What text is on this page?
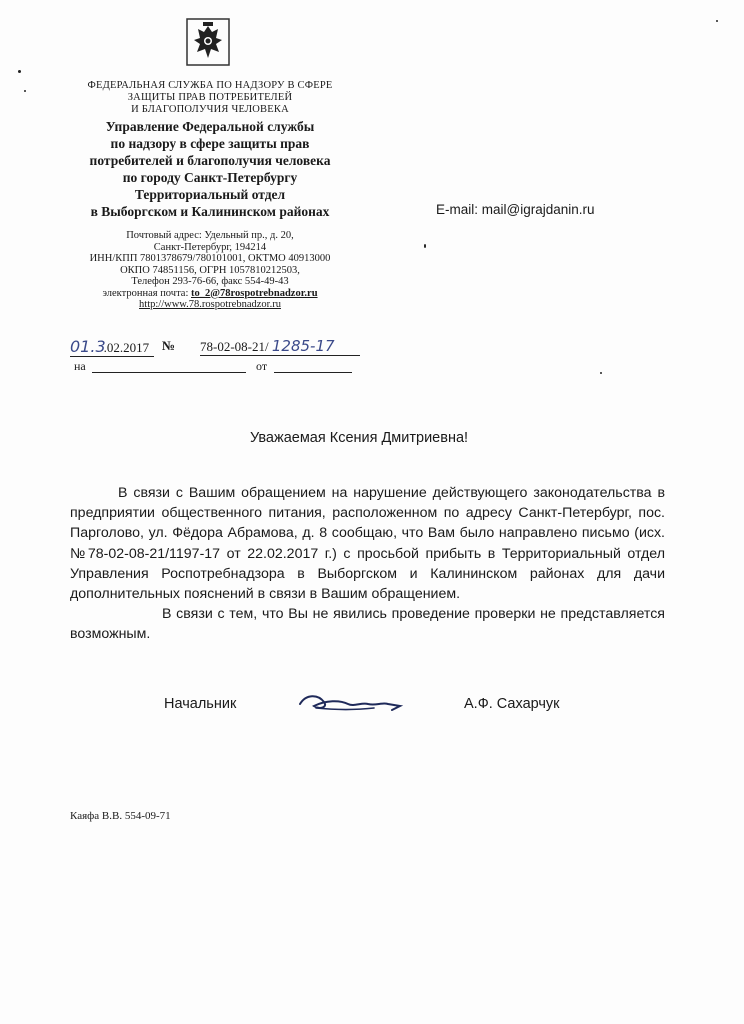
ФЕДЕРАЛЬНАЯ СЛУЖБА ПО НАДЗОРУ В СФЕРЕ
ЗАЩИТЫ ПРАВ ПОТРЕБИТЕЛЕЙ
И БЛАГОПОЛУЧИЯ ЧЕЛОВЕКА
Управление Федеральной службы
по надзору в сфере защиты прав
потребителей и благополучия человека
по городу Санкт-Петербургу
Территориальный отдел
в Выборгском и Калининском районах
Почтовый адрес: Удельный пр., д. 20,
Санкт-Петербург, 194214
ИНН/КПП 7801378679/780101001, ОКТМО 40913000
ОКПО 74851156, ОГРН 1057810212503,
Телефон 293-76-66, факс 554-49-43
электронная почта: to_2@78rospotrebnadzor.ru
http://www.78.rospotrebnadzor.ru
E-mail: mail@igrajdanin.ru
01.3.02.2017 № 78-02-08-21/ 1285-17
на	от
Уважаемая Ксения Дмитриевна!

В связи с Вашим обращением на нарушение действующего законодательства в предприятии общественного питания, расположенном по адресу Санкт-Петербург, пос. Парголово, ул. Фёдора Абрамова, д. 8 сообщаю, что Вам было направлено письмо (исх. №78-02-08-21/1197-17 от 22.02.2017 г.) с просьбой прибыть в Территориальный отдел Управления Роспотребнадзора в Выборгском и Калининском районах для дачи дополнительных пояснений в связи в Вашим обращением.

В связи с тем, что Вы не явились проведение проверки не представляется возможным.

Начальник	А.Ф. Сахарчук
Каяфа В.В. 554-09-71
